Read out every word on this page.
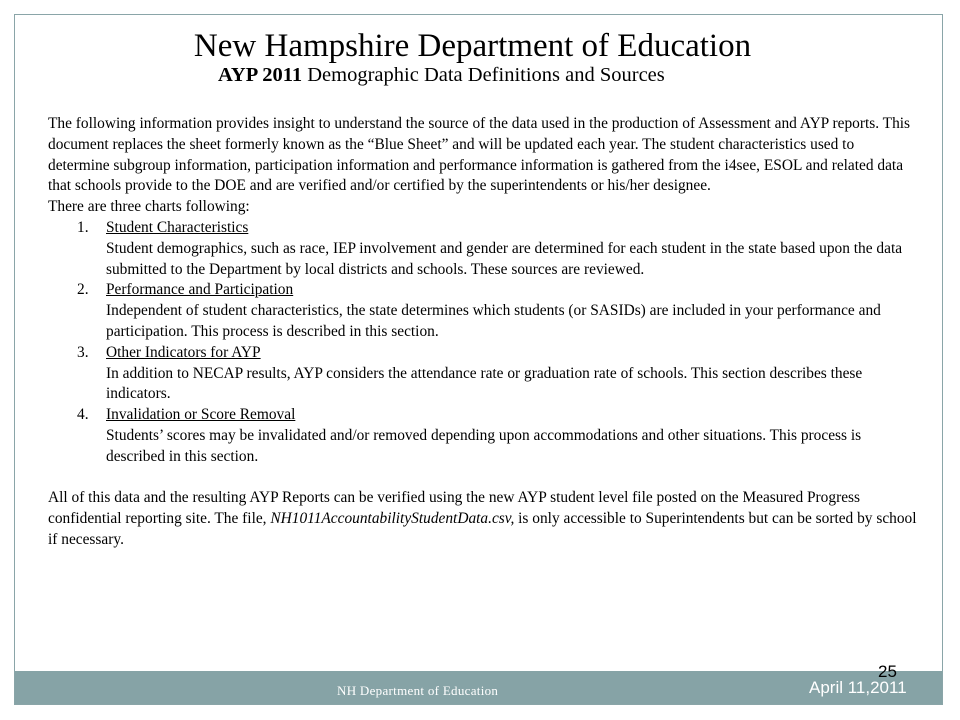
New Hampshire Department of Education
AYP 2011 Demographic Data Definitions and Sources

The following information provides insight to understand the source of the data used in the production of Assessment and AYP reports. This document replaces the sheet formerly known as the “Blue Sheet” and will be updated each year. The student characteristics used to determine subgroup information, participation information and performance information is gathered from the i4see, ESOL and related data that schools provide to the DOE and are verified and/or certified by the superintendents or his/her designee.

There are three charts following:

1. Student Characteristics
Student demographics, such as race, IEP involvement and gender are determined for each student in the state based upon the data submitted to the Department by local districts and schools. These sources are reviewed.
2. Performance and Participation
Independent of student characteristics, the state determines which students (or SASIDs) are included in your performance and participation. This process is described in this section.
3. Other Indicators for AYP
In addition to NECAP results, AYP considers the attendance rate or graduation rate of schools. This section describes these indicators.
4. Invalidation or Score Removal
Students’ scores may be invalidated and/or removed depending upon accommodations and other situations. This process is described in this section.

All of this data and the resulting AYP Reports can be verified using the new AYP student level file posted on the Measured Progress confidential reporting site. The file, NH1011AccountabilityStudentData.csv, is only accessible to Superintendents but can be sorted by school if necessary.

25
NH Department of Education	April 11,2011
